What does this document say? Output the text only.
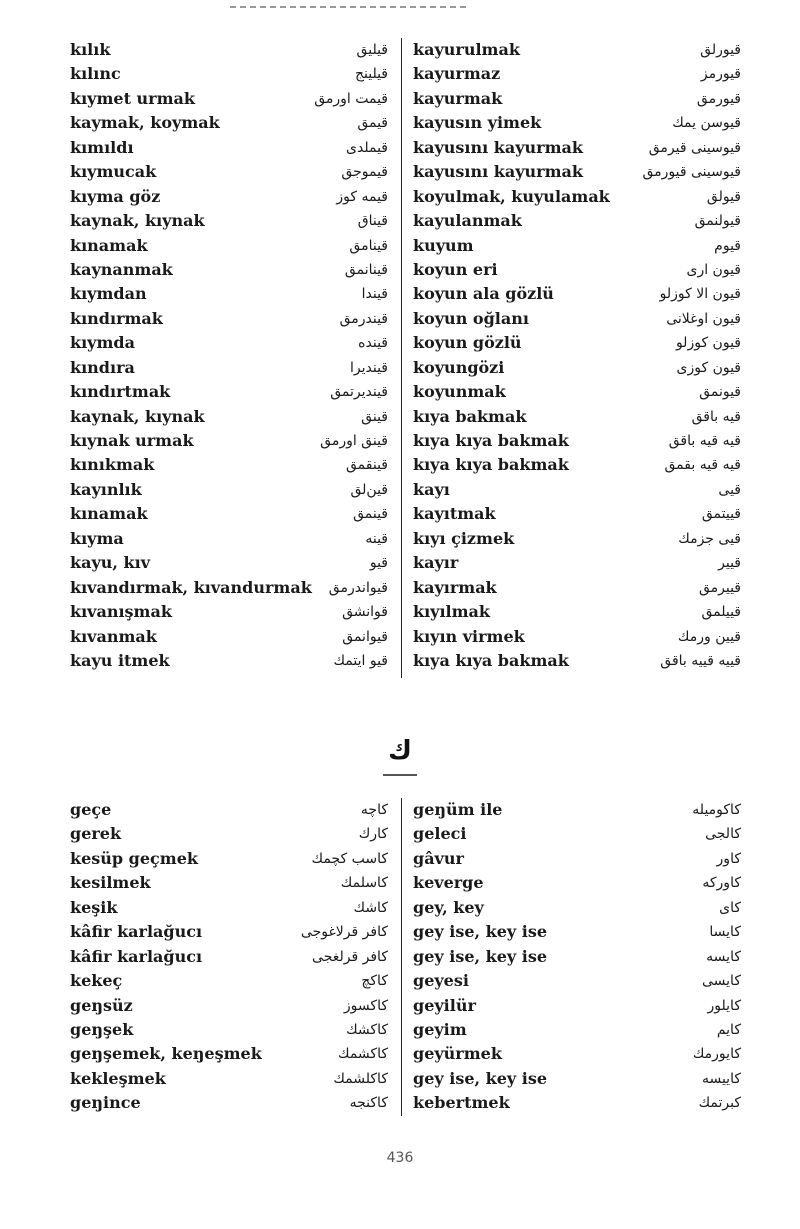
kılık	قیلیق
kılınc	قیلینج
kıymet urmak	قیمت اورمق
kaymak, koymak	قیمق
kımıldı	قیملدی
kıymucak	قیموجق
kıyma göz	قیمه کوز
kaynak, kıynak	قیناق
kınamak	قینامق
kaynanmak	قینانمق
kıymdan	قیندا
kındırmak	قیندرمق
kıymda	قینده
kındıra	قیندیرا
kındırtmak	قیندیرتمق
kaynak, kıynak	قینق
kıynak urmak	قینق اورمق
kınıkmak	قینقمق
kayınlık	قین‌لق
kınamak	قینمق
kıyma	قینه
kayu, kıv	قیو
kıvandırmak, kıvandurmak قیواندرمق
kıvanışmak	قوانشق
kıvanmak	قیوانمق
kayu itmek	قیو ایتمك
kayurulmak	قیورلق
kayurmaz	قیورمز
kayurmak	قیورمق
kayusın yimek	قیوسن یمك
kayusını kayurmak	قیوسینی قیرمق
kayusını kayurmak	قیوسینی قیورمق
koyulmak, kuyulamak	قیولق
kayulanmak	قیولنمق
kuyum	قیوم
koyun eri	قیون اری
koyun ala gözlü	قیون الا کوزلو
koyun oğlanı	قیون اوغلانی
koyun gözlü	قیون کوزلو
koyungözi	قیون کوزی
koyunmak	قیونمق
kıya bakmak	قیه باقق
kıya kıya bakmak	قیه قیه باقق
kıya kıya bakmak	قیه قیه بقمق
kayı	قیی
kayıtmak	قییتمق
kıyı çizmek	قیی جزمك
kayır	قییر
kayırmak	قییرمق
kıyılmak	قییلمق
kıyın virmek	قیین ورمك
kıya kıya bakmak	قییه قییه باقق
ك
geçe	کاچه
gerek	کارك
kesüp geçmek	کاسب کچمك
kesilmek	کاسلمك
keşik	کاشك
kâfir karlağucı	کافر قرلاغوجی
kâfir karlağucı	کافر قرلغجی
kekeç	کاکچ
geŋsüz	کاکسوز
geŋşek	کاکشك
geŋşemek, keŋeşmek	کاکشمك
kekleşmek	کاکلشمك
geŋince	کاکنجه
geŋüm ile	کاکومیله
geleci	کالجی
gâvur	کاور
keverge	کاورکه
gey, key	کای
gey ise, key ise	کایسا
gey ise, key ise	کایسه
geyesi	کایسی
geyilür	کایلور
geyim	کایم
geyürmek	کایورمك
gey ise, key ise	کاییسه
kebertmek	کبرتمك
436
